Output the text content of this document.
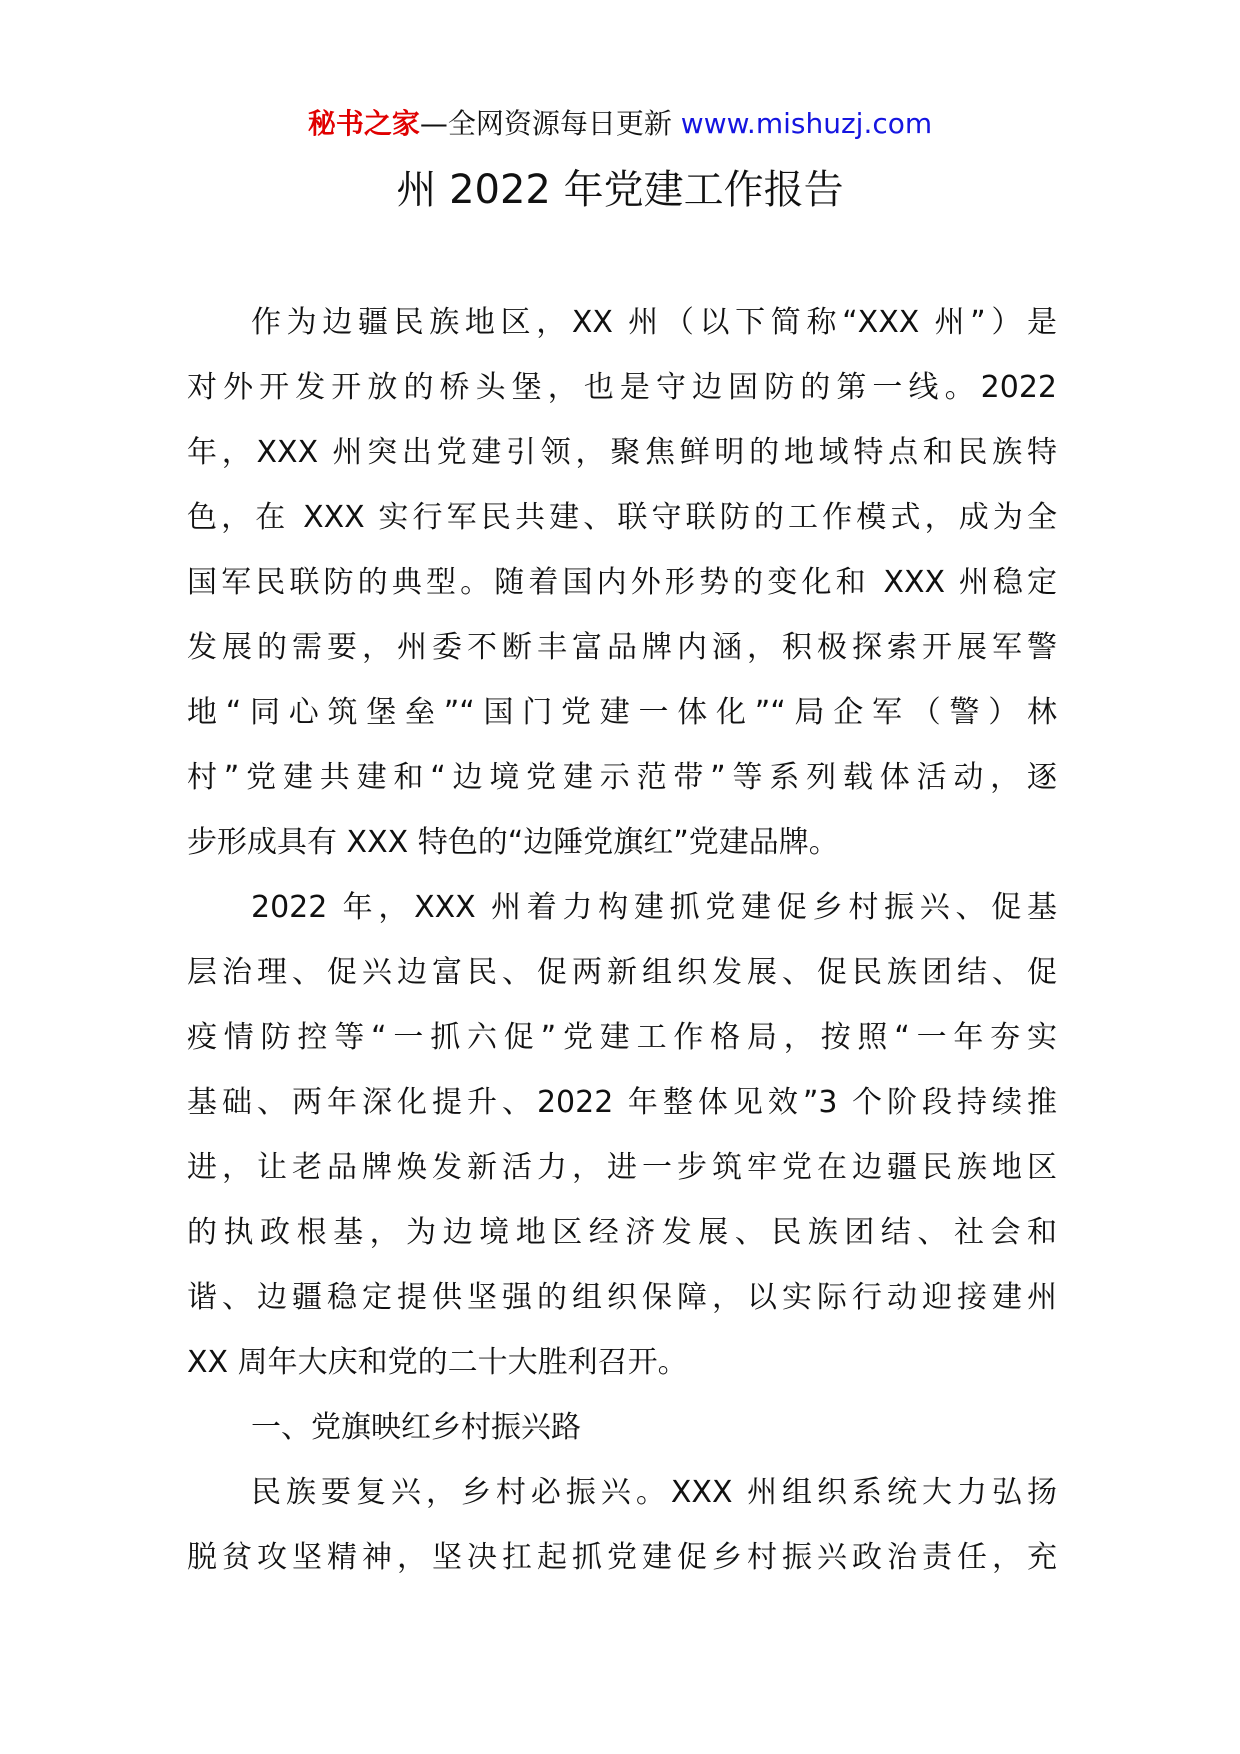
秘书之家—全网资源每日更新 www.mishuzj.com
州 2022 年党建工作报告
作为边疆民族地区，XX 州（以下简称“XXX 州”）是
对外开发开放的桥头堡，也是守边固防的第一线。2022
年，XXX 州突出党建引领，聚焦鲜明的地域特点和民族特
色，在 XXX 实行军民共建、联守联防的工作模式，成为全
国军民联防的典型。随着国内外形势的变化和 XXX 州稳定
发展的需要，州委不断丰富品牌内涵，积极探索开展军警
地“同心筑堡垒”“国门党建一体化”“局企军（警）林
村”党建共建和“边境党建示范带”等系列载体活动，逐
步形成具有 XXX 特色的“边陲党旗红”党建品牌。
2022 年，XXX 州着力构建抓党建促乡村振兴、促基
层治理、促兴边富民、促两新组织发展、促民族团结、促
疫情防控等“一抓六促”党建工作格局，按照“一年夯实
基础、两年深化提升、2022 年整体见效”3 个阶段持续推
进，让老品牌焕发新活力，进一步筑牢党在边疆民族地区
的执政根基，为边境地区经济发展、民族团结、社会和
谐、边疆稳定提供坚强的组织保障，以实际行动迎接建州
XX 周年大庆和党的二十大胜利召开。
一、党旗映红乡村振兴路
民族要复兴，乡村必振兴。XXX 州组织系统大力弘扬
脱贫攻坚精神，坚决扛起抓党建促乡村振兴政治责任，充
